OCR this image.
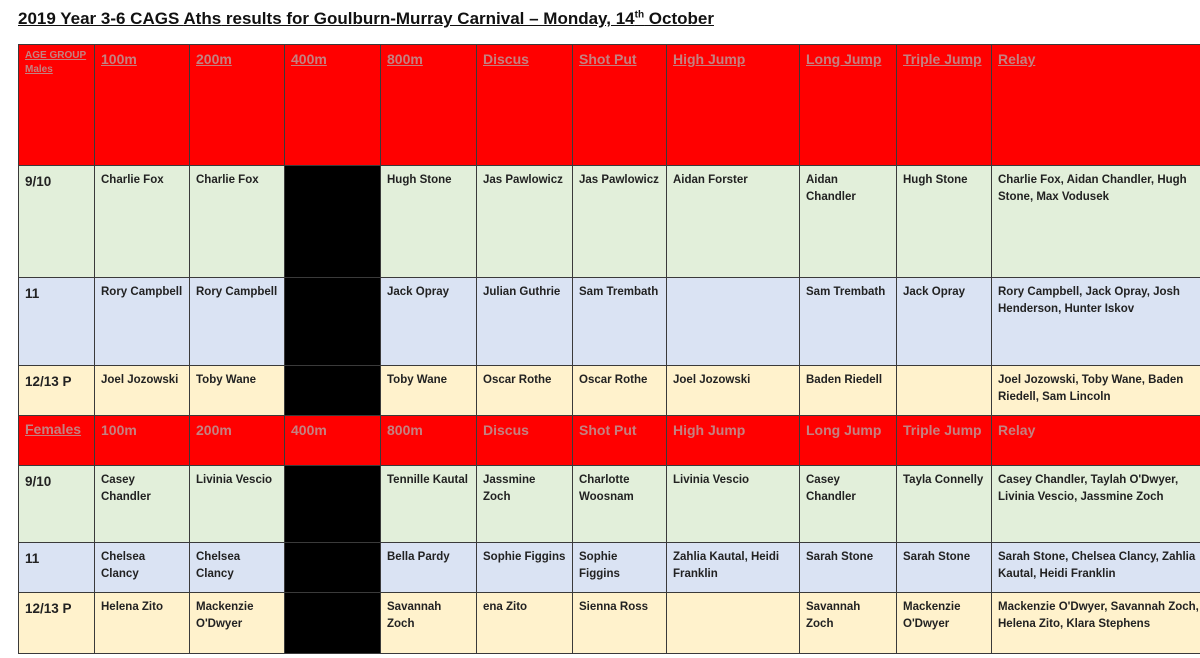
2019 Year 3-6 CAGS Aths results for Goulburn-Murray Carnival – Monday, 14th October
AGE GROUP Males	100m	200m	400m	800m	Discus	Shot Put	High Jump	Long Jump	Triple Jump	Relay
9/10	Charlie Fox	Charlie Fox		Hugh Stone	Jas Pawlowicz	Jas Pawlowicz	Aidan Forster	Aidan Chandler	Hugh Stone	Charlie Fox, Aidan Chandler, Hugh Stone, Max Vodusek
11	Rory Campbell	Rory Campbell		Jack Opray	Julian Guthrie	Sam Trembath		Sam Trembath	Jack Opray	Rory Campbell, Jack Opray, Josh Henderson, Hunter Iskov
12/13 P	Joel Jozowski	Toby Wane		Toby Wane	Oscar Rothe	Oscar Rothe	Joel Jozowski	Baden Riedell		Joel Jozowski, Toby Wane, Baden Riedell, Sam Lincoln
Females	100m	200m	400m	800m	Discus	Shot Put	High Jump	Long Jump	Triple Jump	Relay
9/10	Casey Chandler	Livinia Vescio		Tennille Kautal	Jassmine Zoch	Charlotte Woosnam	Livinia Vescio	Casey Chandler	Tayla Connelly	Casey Chandler, Taylah O'Dwyer, Livinia Vescio, Jassmine Zoch
11	Chelsea Clancy	Chelsea Clancy		Bella Pardy	Sophie Figgins	Sophie Figgins	Zahlia Kautal, Heidi Franklin	Sarah Stone	Sarah Stone	Sarah Stone, Chelsea Clancy, Zahlia Kautal, Heidi Franklin
12/13 P	Helena Zito	Mackenzie O'Dwyer		Savannah Zoch	ena Zito	Sienna Ross		Savannah Zoch	Mackenzie O'Dwyer	Mackenzie O'Dwyer, Savannah Zoch, Helena Zito, Klara Stephens
